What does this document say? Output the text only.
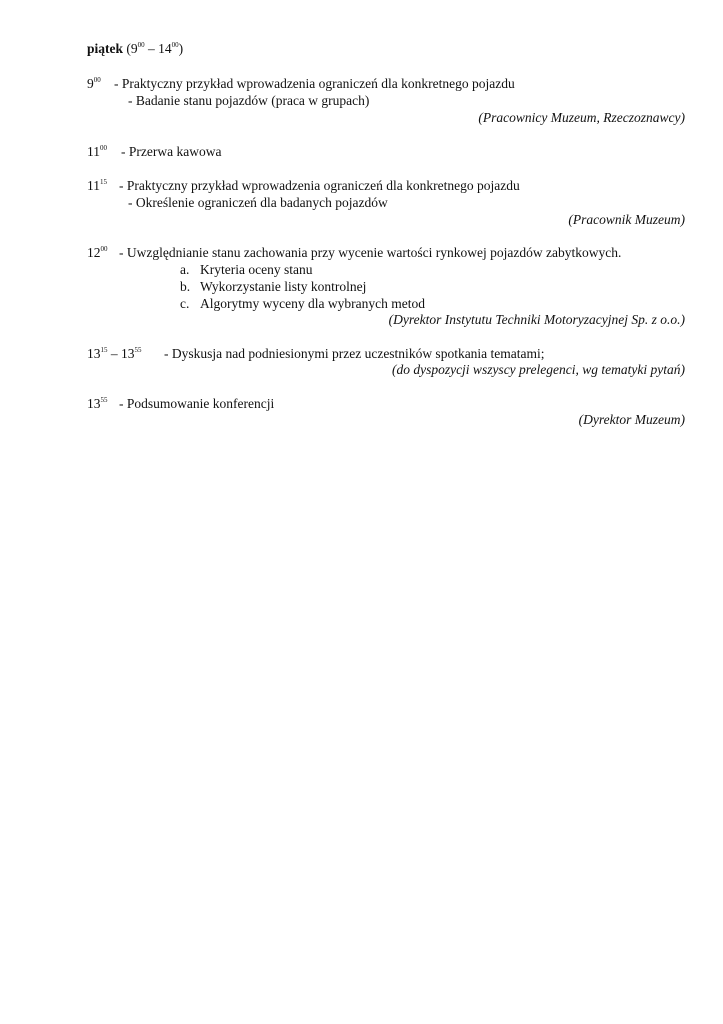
piątek $(9^{00} - 14^{00})$
$9^{00}$ - Praktyczny przykład wprowadzenia ograniczeń dla konkretnego pojazdu
- Badanie stanu pojazdów (praca w grupach)
(Pracownicy Muzeum, Rzeczoznawcy)
$11^{00}$ - Przerwa kawowa
$11^{15}$ - Praktyczny przykład wprowadzenia ograniczeń dla konkretnego pojazdu
- Określenie ograniczeń dla badanych pojazdów
(Pracownik Muzeum)
$12^{00}$ - Uwzględnianie stanu zachowania przy wycenie wartości rynkowej pojazdów zabytkowych.
a. Kryteria oceny stanu
b. Wykorzystanie listy kontrolnej
c. Algorytmy wyceny dla wybranych metod
(Dyrektor Instytutu Techniki Motoryzacyjnej Sp. z o.o.)
$13^{15} - 13^{55}$ - Dyskusja nad podniesionymi przez uczestników spotkania tematami;
(do dyspozycji wszyscy prelegenci, wg tematyki pytań)
$13^{55}$ - Podsumowanie konferencji
(Dyrektor Muzeum)
